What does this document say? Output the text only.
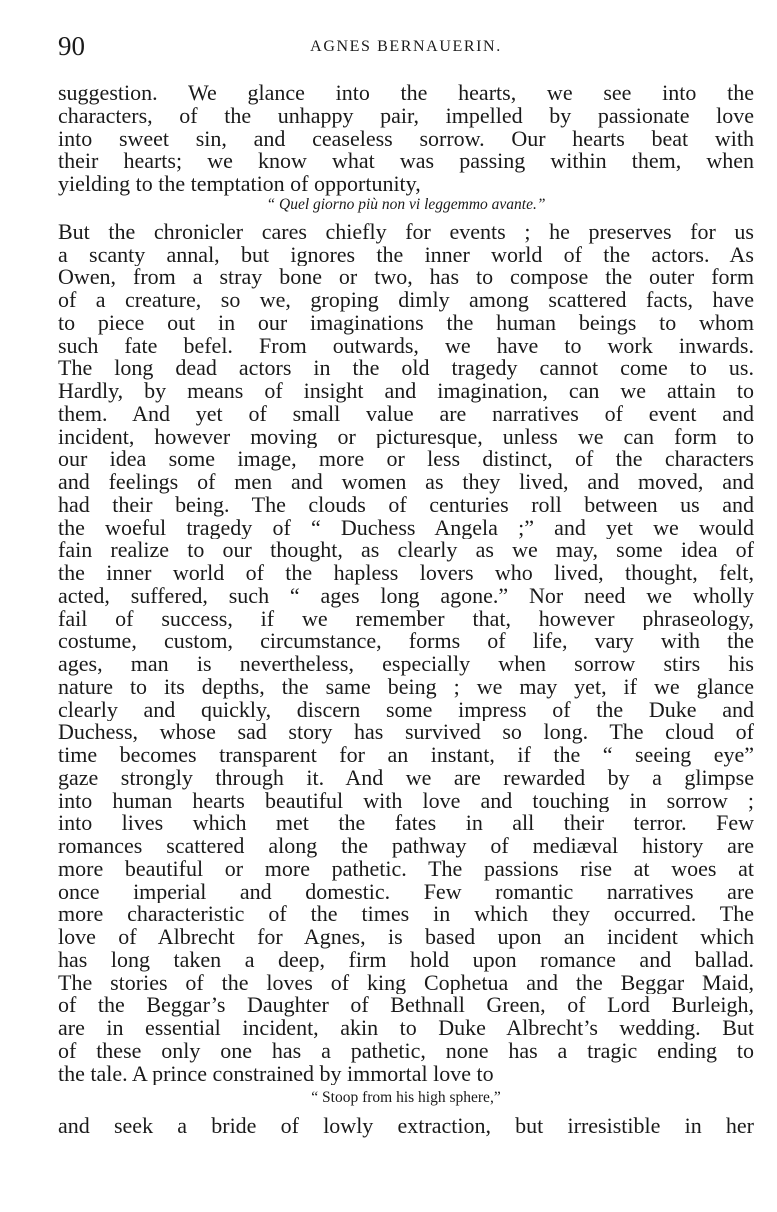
90	AGNES BERNAUERIN.
suggestion. We glance into the hearts, we see into the
characters, of the unhappy pair, impelled by passionate love
into sweet sin, and ceaseless sorrow. Our hearts beat with
their hearts; we know what was passing within them, when
yielding to the temptation of opportunity,
“ Quel giorno più non vi leggemmo avante.”
But the chronicler cares chiefly for events ; he preserves for us
a scanty annal, but ignores the inner world of the actors. As
Owen, from a stray bone or two, has to compose the outer form
of a creature, so we, groping dimly among scattered facts, have
to piece out in our imaginations the human beings to whom
such fate befel. From outwards, we have to work inwards.
The long dead actors in the old tragedy cannot come to us.
Hardly, by means of insight and imagination, can we attain to
them. And yet of small value are narratives of event and
incident, however moving or picturesque, unless we can form to
our idea some image, more or less distinct, of the characters
and feelings of men and women as they lived, and moved, and
had their being. The clouds of centuries roll between us and
the woeful tragedy of “ Duchess Angela ;” and yet we would
fain realize to our thought, as clearly as we may, some idea of
the inner world of the hapless lovers who lived, thought, felt,
acted, suffered, such “ ages long agone.” Nor need we wholly
fail of success, if we remember that, however phraseology,
costume, custom, circumstance, forms of life, vary with the
ages, man is nevertheless, especially when sorrow stirs his
nature to its depths, the same being ; we may yet, if we glance
clearly and quickly, discern some impress of the Duke and
Duchess, whose sad story has survived so long. The cloud of
time becomes transparent for an instant, if the “ seeing eye”
gaze strongly through it. And we are rewarded by a glimpse
into human hearts beautiful with love and touching in sorrow ;
into lives which met the fates in all their terror. Few
romances scattered along the pathway of mediæval history are
more beautiful or more pathetic. The passions rise at woes at
once imperial and domestic. Few romantic narratives are
more characteristic of the times in which they occurred. The
love of Albrecht for Agnes, is based upon an incident which
has long taken a deep, firm hold upon romance and ballad.
The stories of the loves of king Cophetua and the Beggar Maid,
of the Beggar’s Daughter of Bethnall Green, of Lord Burleigh,
are in essential incident, akin to Duke Albrecht’s wedding. But
of these only one has a pathetic, none has a tragic ending to
the tale. A prince constrained by immortal love to
“ Stoop from his high sphere,”
and seek a bride of lowly extraction, but irresistible in her
